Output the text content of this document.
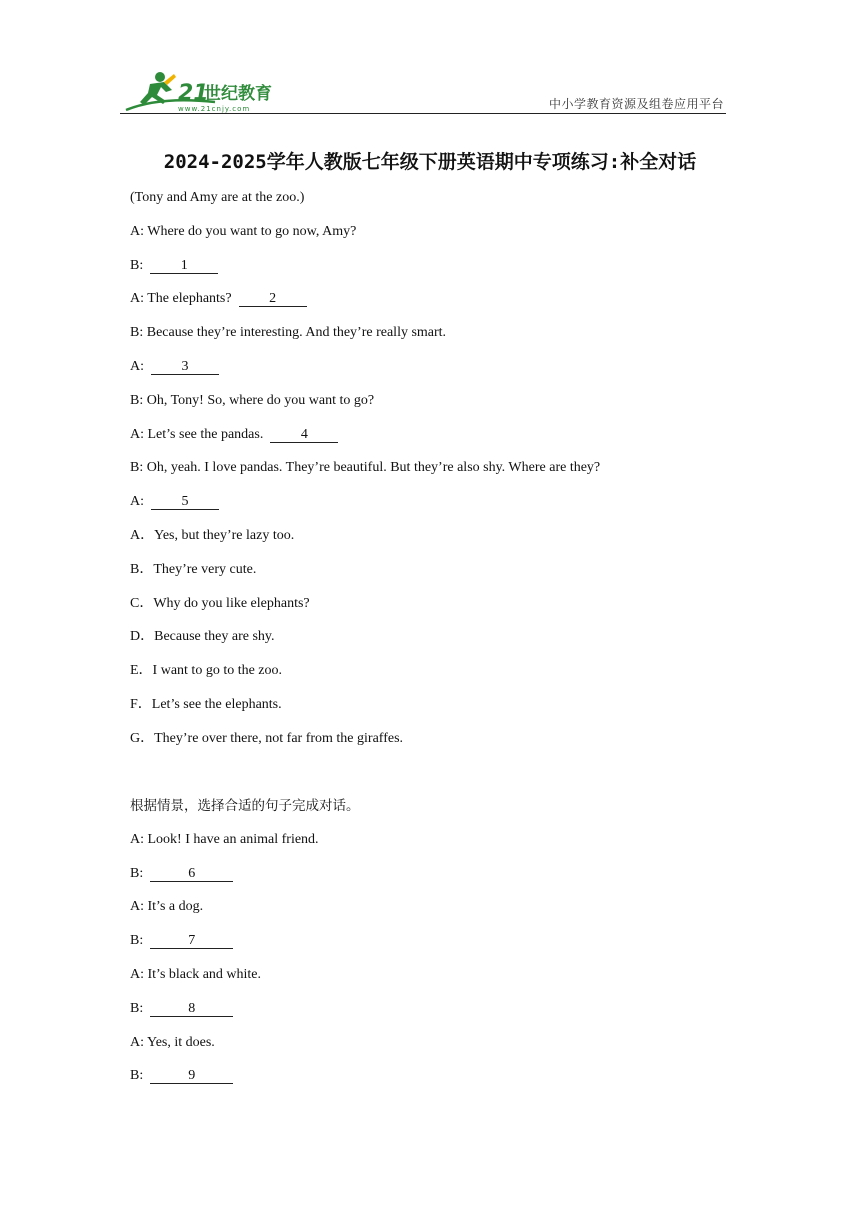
21
世纪教育
www.21cnjy.com	中小学教育资源及组卷应用平台
2024-2025学年人教版七年级下册英语期中专项练习:补全对话
(Tony and Amy are at the zoo.)
A: Where do you want to go now, Amy?
B:	1
A: The elephants?	2
B: Because they’re interesting. And they’re really smart.
A:	3
B: Oh, Tony! So, where do you want to go?
A: Let’s see the pandas.	4
B: Oh, yeah. I love pandas. They’re beautiful. But they’re also shy. Where are they?
A:	5
A．Yes, but they’re lazy too.
B．They’re very cute.
C．Why do you like elephants?
D．Because they are shy.
E．I want to go to the zoo.
F．Let’s see the elephants.
G．They’re over there, not far from the giraffes.
根据情景，选择合适的句子完成对话。
A: Look! I have an animal friend.
B:	6
A: It’s a dog.
B:	7
A: It’s black and white.
B:	8
A: Yes, it does.
B:	9
